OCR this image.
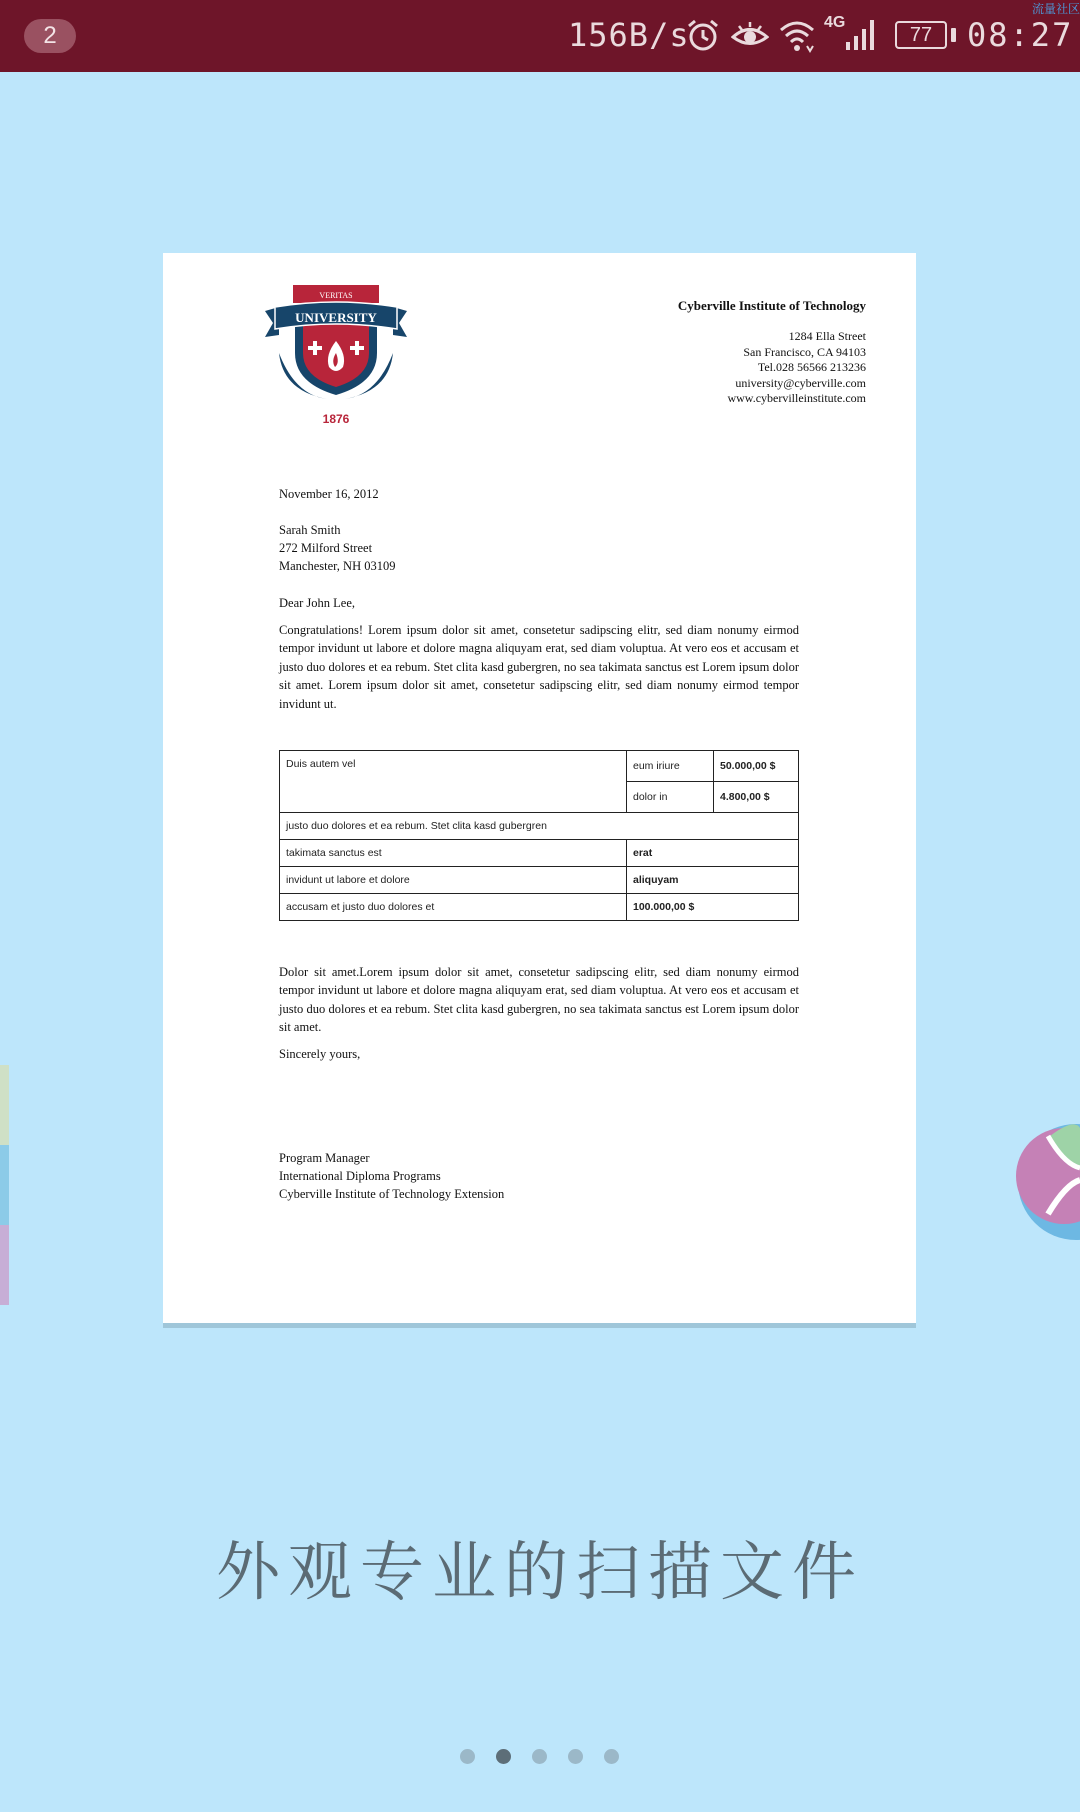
2	156B/s	4G
77	08:27
流量社区
VERITAS
UNIVERSITY
1876
Cyberville Institute of Technology
1284 Ella Street
San Francisco, CA 94103
Tel.028 56566 213236
university@cyberville.com
www.cybervilleinstitute.com
November 16, 2012
Sarah Smith
272 Milford Street
Manchester, NH 03109
Dear John Lee,
Congratulations! Lorem ipsum dolor sit amet, consetetur sadipscing elitr, sed diam nonumy eirmod tempor invidunt ut labore et dolore magna aliquyam erat, sed diam voluptua. At vero eos et accusam et justo duo dolores et ea rebum. Stet clita kasd gubergren, no sea takimata sanctus est Lorem ipsum dolor sit amet. Lorem ipsum dolor sit amet, consetetur sadipscing elitr, sed diam nonumy eirmod tempor invidunt ut.
Duis autem vel	eum iriure	50.000,00 $
	dolor in	4.800,00 $
justo duo dolores et ea rebum. Stet clita kasd gubergren		
takimata sanctus est	erat	
invidunt ut labore et dolore	aliquyam	
accusam et justo duo dolores et	100.000,00 $	
Dolor sit amet.Lorem ipsum dolor sit amet, consetetur sadipscing elitr, sed diam nonumy eirmod tempor invidunt ut labore et dolore magna aliquyam erat, sed diam voluptua. At vero eos et accusam et justo duo dolores et ea rebum. Stet clita kasd gubergren, no sea takimata sanctus est Lorem ipsum dolor sit amet.
Sincerely yours,
Program Manager
International Diploma Programs
Cyberville Institute of Technology Extension
外观专业的扫描文件
